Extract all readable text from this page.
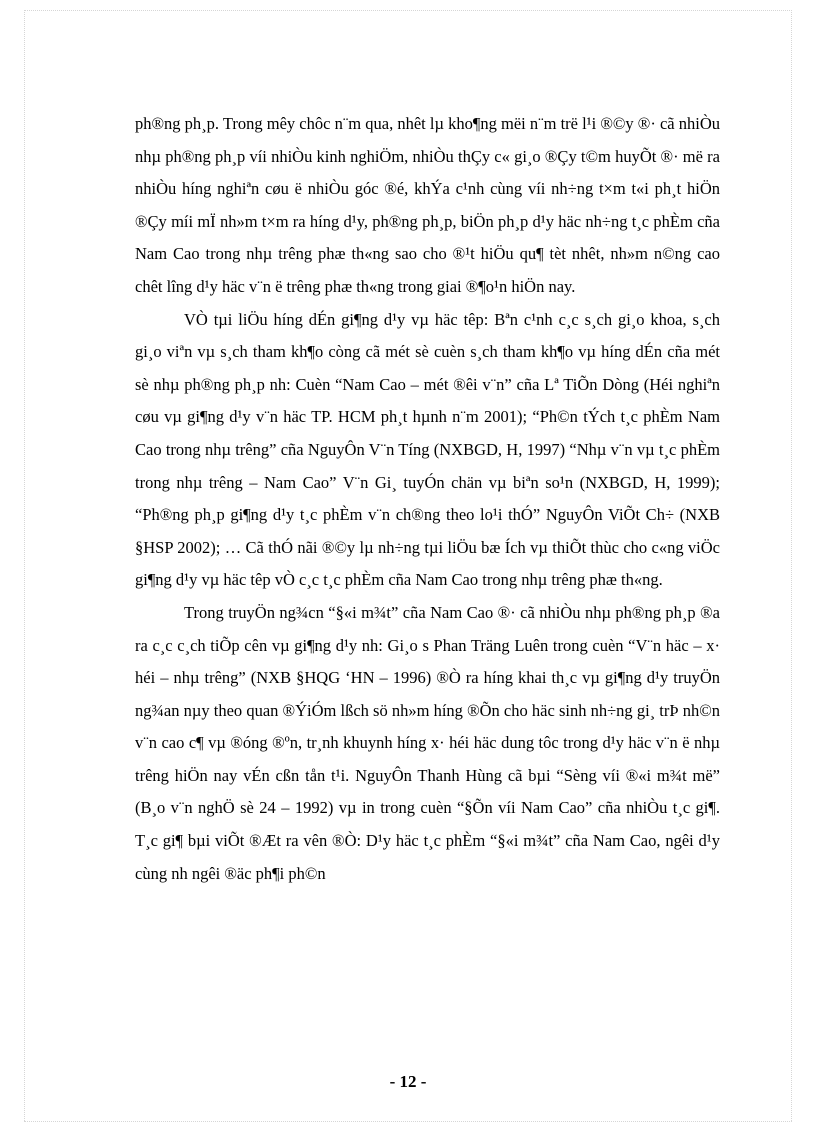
ph®ng ph¸p. Trong mêy chôc n¨m qua, nhêt lµ kho¶ng mëi n¨m trë l¹i ®©y ®· cã nhiÒu nhµ ph®ng ph¸p víi nhiÒu kinh nghiÖm, nhiÒu thÇy c« gi¸o ®Çy t©m huyÕt ®· më ra nhiÒu híng nghiªn cøu ë nhiÒu góc ®é, khÝa c¹nh cùng víi nh÷ng t×m t«i ph¸t hiÖn ®Çy míi mÏ nh»m t×m ra híng d¹y, ph®ng ph¸p, biÖn ph¸p d¹y häc nh÷ng t¸c phÈm cña Nam Cao trong nhµ trêng phæ th«ng sao cho ®¹t hiÖu qu¶ tèt nhêt, nh»m n©ng cao chêt lîng d¹y häc v¨n ë trêng phæ th«ng trong giai ®¶o¹n hiÖn nay.

VÒ tµi liÖu híng dÉn gi¶ng d¹y vµ häc têp: Bªn c¹nh c¸c s¸ch gi¸o khoa, s¸ch gi¸o viªn vµ s¸ch tham kh¶o còng cã mét sè cuèn s¸ch tham kh¶o vµ híng dÉn cña mét sè nhµ ph®ng ph¸p nh: Cuèn “Nam Cao – mét ®êi v¨n” cña Lª TiÕn Dòng (Héi nghiªn cøu vµ gi¶ng d¹y v¨n häc TP. HCM ph¸t hµnh n¨m 2001); “Ph©n tÝch t¸c phÈm Nam Cao trong nhµ trêng” cña NguyÔn V¨n Tíng (NXBGD, H, 1997) “Nhµ v¨n vµ t¸c phÈm trong nhµ trêng – Nam Cao” V¨n Gi¸ tuyÓn chän vµ biªn so¹n (NXBGD, H, 1999); “Ph®ng ph¸p gi¶ng d¹y t¸c phÈm v¨n ch®ng theo lo¹i thÓ” NguyÔn ViÕt Ch÷ (NXB §HSP 2002); … Cã thÓ nãi ®©y lµ nh÷ng tµi liÖu bæ Ích vµ thiÕt thùc cho c«ng viÖc gi¶ng d¹y vµ häc têp vÒ c¸c t¸c phÈm cña Nam Cao trong nhµ trêng phæ th«ng.

Trong truyÖn ng¾cn “§«i m¾t” cña Nam Cao ®· cã nhiÒu nhµ ph®ng ph¸p ®a ra c¸c c¸ch tiÕp cên vµ gi¶ng d¹y nh: Gi¸o s Phan Träng Luên trong cuèn “V¨n häc – x· héi – nhµ trêng” (NXB §HQG ‘HN – 1996) ®Ò ra híng khai th¸c vµ gi¶ng d¹y truyÖn ng¾an nµy theo quan ®ÝiÓm lßch sö nh»m híng ®Õn cho häc sinh nh÷ng gi¸ trÞ nh©n v¨n cao c¶ vµ ®óng ®ºn, tr¸nh khuynh híng x· héi häc dung tôc trong d¹y häc v¨n ë nhµ trêng hiÖn nay vÉn cßn tån t¹i. NguyÔn Thanh Hùng cã bµi “Sèng víi ®«i m¾t më” (B¸o v¨n nghÖ sè 24 – 1992) vµ in trong cuèn “§Õn víi Nam Cao” cña nhiÒu t¸c gi¶. T¸c gi¶ bµi viÕt ®Æt ra vên ®Ò: D¹y häc t¸c phÈm “§«i m¾t” cña Nam Cao, ngêi d¹y cùng nh ngêi ®äc ph¶i ph©n

- 12 -
